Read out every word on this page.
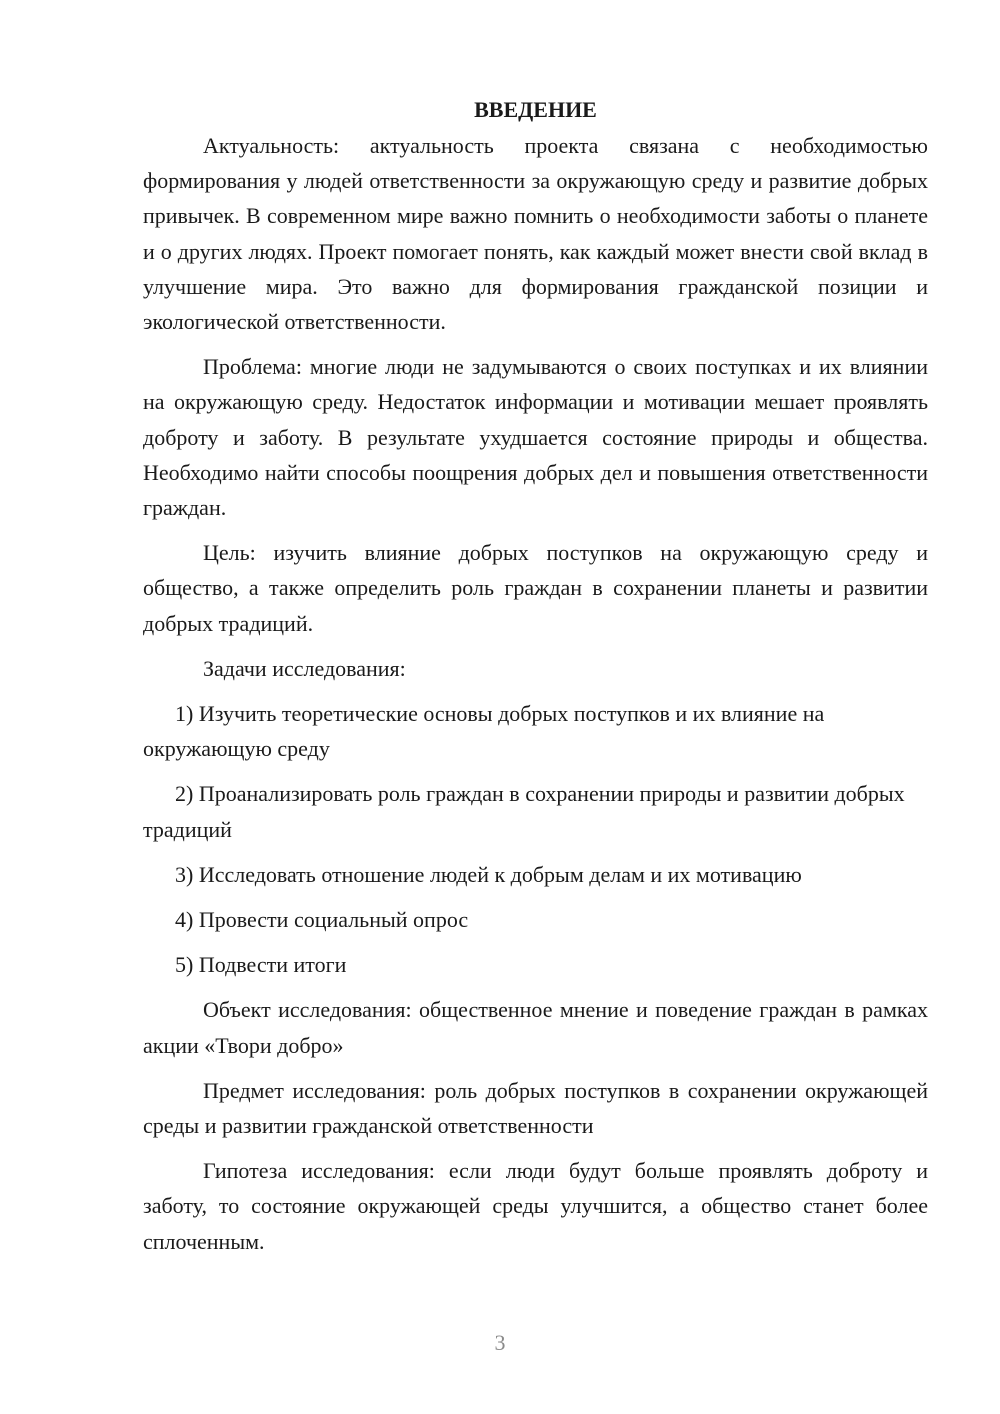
ВВЕДЕНИЕ

Актуальность: актуальность проекта связана с необходимостью формирования у людей ответственности за окружающую среду и развитие добрых привычек. В современном мире важно помнить о необходимости заботы о планете и о других людях. Проект помогает понять, как каждый может внести свой вклад в улучшение мира. Это важно для формирования гражданской позиции и экологической ответственности.

Проблема: многие люди не задумываются о своих поступках и их влиянии на окружающую среду. Недостаток информации и мотивации мешает проявлять доброту и заботу. В результате ухудшается состояние природы и общества. Необходимо найти способы поощрения добрых дел и повышения ответственности граждан.

Цель: изучить влияние добрых поступков на окружающую среду и общество, а также определить роль граждан в сохранении планеты и развитии добрых традиций.

Задачи исследования:

1) Изучить теоретические основы добрых поступков и их влияние на окружающую среду

2) Проанализировать роль граждан в сохранении природы и развитии добрых традиций

3) Исследовать отношение людей к добрым делам и их мотивацию

4) Провести социальный опрос

5) Подвести итоги

Объект исследования: общественное мнение и поведение граждан в рамках акции «Твори добро»

Предмет исследования: роль добрых поступков в сохранении окружающей среды и развитии гражданской ответственности

Гипотеза исследования: если люди будут больше проявлять доброту и заботу, то состояние окружающей среды улучшится, а общество станет более сплоченным.

3
